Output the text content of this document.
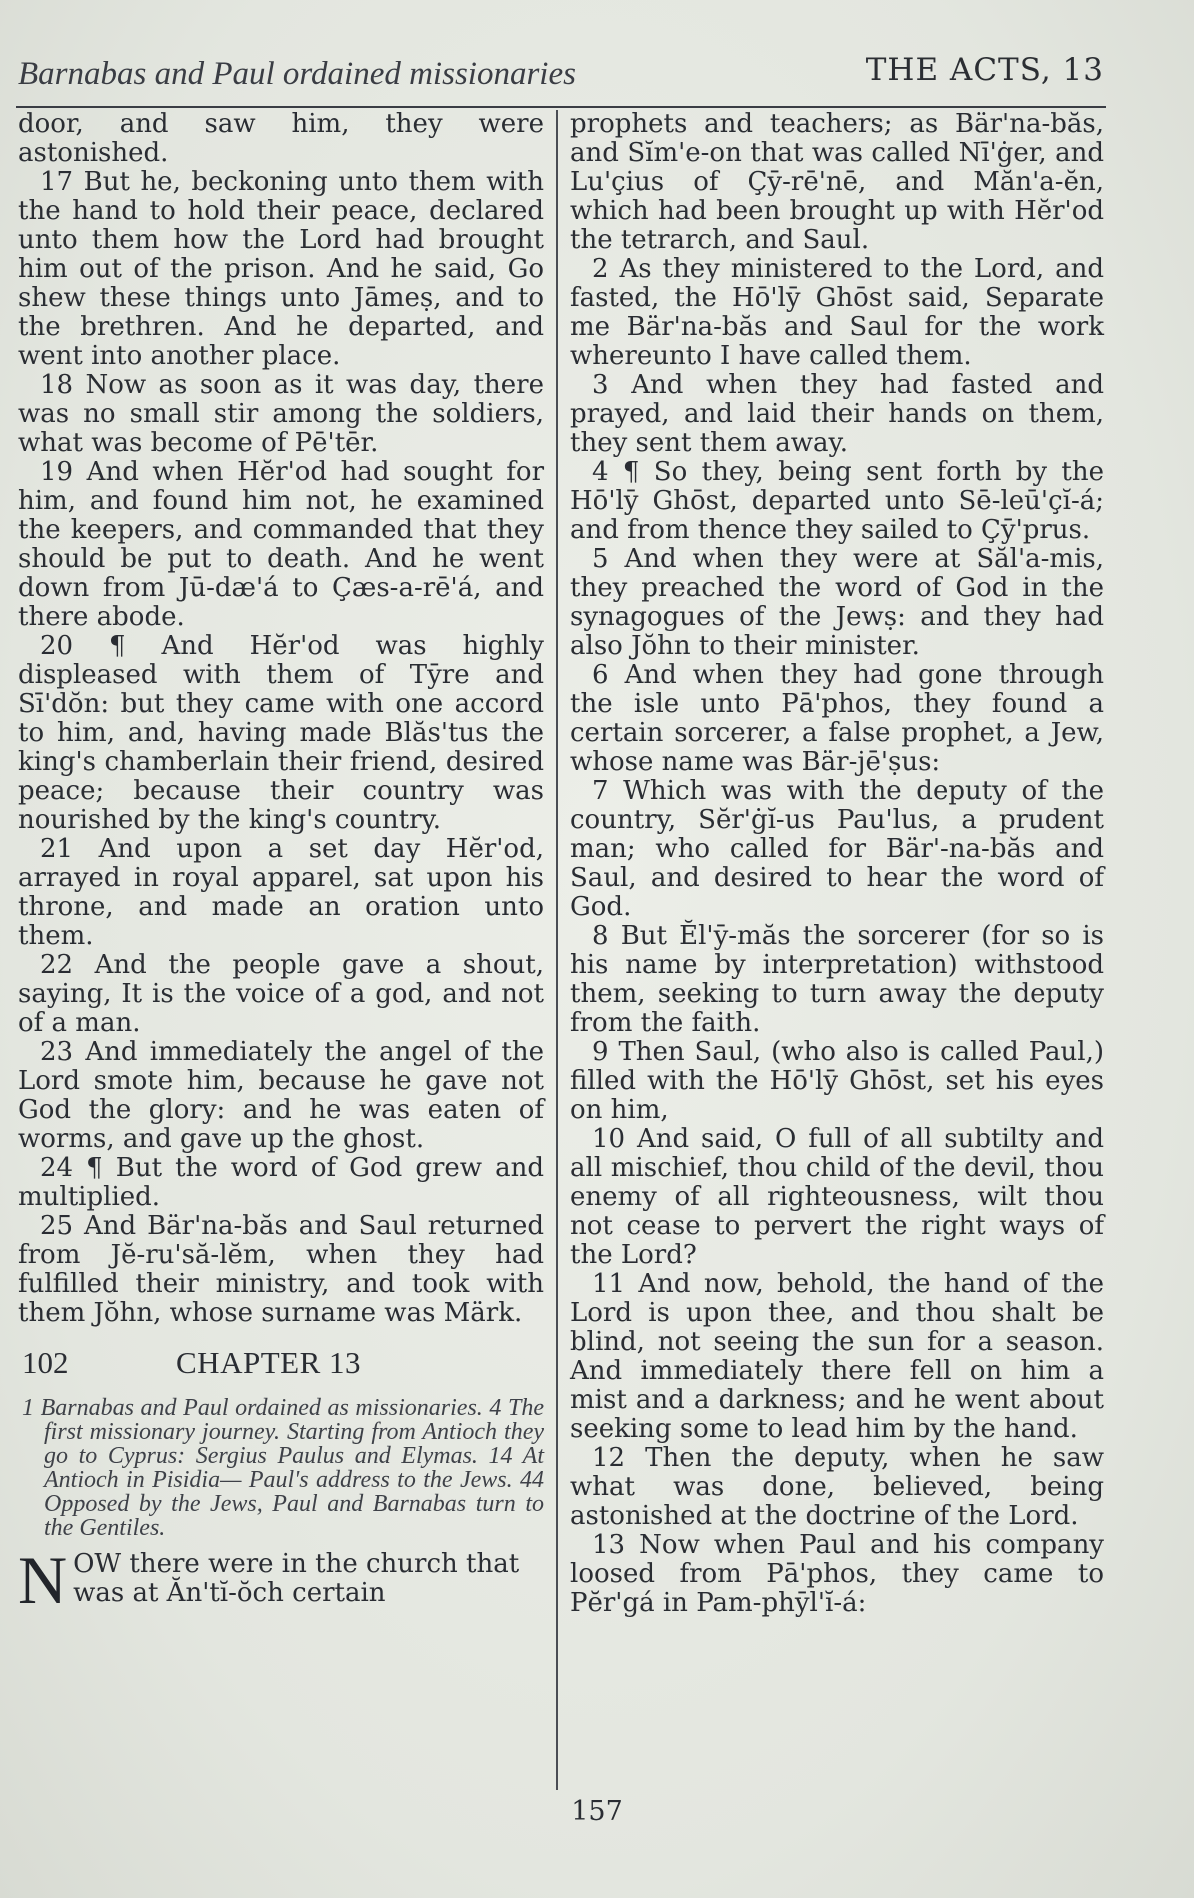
Barnabas and Paul ordained missionaries	THE ACTS, 13

door, and saw him, they were astonished.

17 But he, beckoning unto them with the hand to hold their peace, declared unto them how the Lord had brought him out of the prison. And he said, Go shew these things unto Jāmeṣ, and to the brethren. And he departed, and went into another place.

18 Now as soon as it was day, there was no small stir among the soldiers, what was become of Pē'tēr.

19 And when Hĕr'od had sought for him, and found him not, he examined the keepers, and commanded that they should be put to death. And he went down from Jū-dæ'á to Çæs-a-rē'á, and there abode.

20 ¶ And Hĕr'od was highly displeased with them of Tȳre and Sī'dŏn: but they came with one accord to him, and, having made Blăs'tus the king's chamberlain their friend, desired peace; because their country was nourished by the king's country.

21 And upon a set day Hĕr'od, arrayed in royal apparel, sat upon his throne, and made an oration unto them.

22 And the people gave a shout, saying, It is the voice of a god, and not of a man.

23 And immediately the angel of the Lord smote him, because he gave not God the glory: and he was eaten of worms, and gave up the ghost.

24 ¶ But the word of God grew and multiplied.

25 And Bär'na-băs and Saul returned from Jĕ-ru'să-lĕm, when they had fulfilled their ministry, and took with them Jŏhn, whose surname was Märk.

102	CHAPTER 13
1 Barnabas and Paul ordained as missionaries. 4 The first missionary journey. Starting from Antioch they go to Cyprus: Sergius Paulus and Elymas. 14 At Antioch in Pisidia— Paul's address to the Jews. 44 Opposed by the Jews, Paul and Barnabas turn to the Gentiles.
N OW there were in the church that was at Ăn'tĭ-ŏch certain

prophets and teachers; as Bär'na-băs, and Sĭm'e-on that was called Nī'ġer, and Lu'çius of Çȳ-rē'nē, and Măn'a-ĕn, which had been brought up with Hĕr'od the tetrarch, and Saul.

2 As they ministered to the Lord, and fasted, the Hō'lȳ Ghōst said, Separate me Bär'na-băs and Saul for the work whereunto I have called them.

3 And when they had fasted and prayed, and laid their hands on them, they sent them away.

4 ¶ So they, being sent forth by the Hō'lȳ Ghōst, departed unto Sē-leū'çĭ-á; and from thence they sailed to Çȳ'prus.

5 And when they were at Săl'a-mis, they preached the word of God in the synagogues of the Jewṣ: and they had also Jŏhn to their minister.

6 And when they had gone through the isle unto Pā'phos, they found a certain sorcerer, a false prophet, a Jew, whose name was Bär-jē'ṣus:

7 Which was with the deputy of the country, Sĕr'ġĭ-us Pau'lus, a prudent man; who called for Bär'-na-băs and Saul, and desired to hear the word of God.

8 But Ĕl'ȳ-măs the sorcerer (for so is his name by interpretation) withstood them, seeking to turn away the deputy from the faith.

9 Then Saul, (who also is called Paul,) filled with the Hō'lȳ Ghōst, set his eyes on him,

10 And said, O full of all subtilty and all mischief, thou child of the devil, thou enemy of all righteousness, wilt thou not cease to pervert the right ways of the Lord?

11 And now, behold, the hand of the Lord is upon thee, and thou shalt be blind, not seeing the sun for a season. And immediately there fell on him a mist and a darkness; and he went about seeking some to lead him by the hand.

12 Then the deputy, when he saw what was done, believed, being astonished at the doctrine of the Lord.

13 Now when Paul and his company loosed from Pā'phos, they came to Pĕr'gá in Pam-phȳl'ĭ-á:

157
